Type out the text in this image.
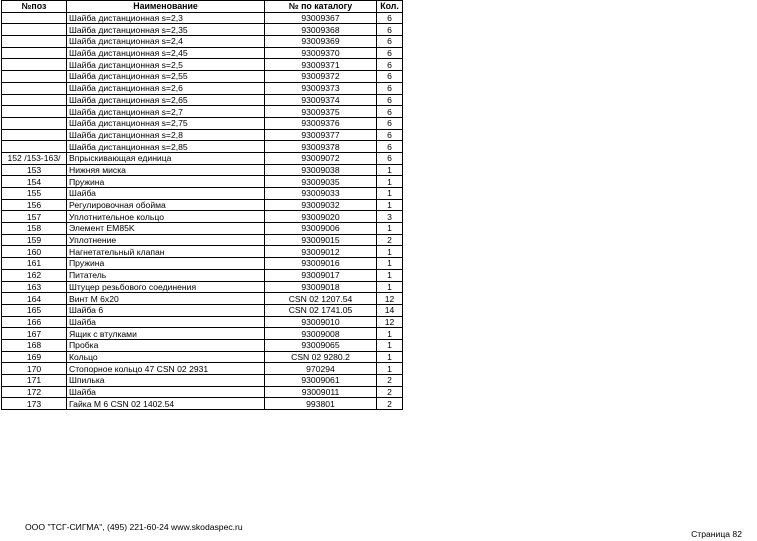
№поз	Наименование	№ по каталогу	Кол.
	Шайба дистанционная s=2,3	93009367	6
	Шайба дистанционная s=2,35	93009368	6
	Шайба дистанционная s=2,4	93009369	6
	Шайба дистанционная s=2,45	93009370	6
	Шайба дистанционная s=2,5	93009371	6
	Шайба дистанционная s=2,55	93009372	6
	Шайба дистанционная s=2,6	93009373	6
	Шайба дистанционная s=2,65	93009374	6
	Шайба дистанционная s=2,7	93009375	6
	Шайба дистанционная s=2,75	93009376	6
	Шайба дистанционная s=2,8	93009377	6
	Шайба дистанционная s=2,85	93009378	6
152 /153-163/	Впрыскивающая единица	93009072	6
153	Нижняя миска	93009038	1
154	Пружина	93009035	1
155	Шайба	93009033	1
156	Регулировочная обойма	93009032	1
157	Уплотнительное кольцо	93009020	3
158	Элемент EM85K	93009006	1
159	Уплотнение	93009015	2
160	Нагнетательный клапан	93009012	1
161	Пружина	93009016	1
162	Питатель	93009017	1
163	Штуцер резьбового соединения	93009018	1
164	Винт М 6х20	CSN 02 1207.54	12
165	Шайба 6	CSN 02 1741.05	14
166	Шайба	93009010	12
167	Ящик с втулками	93009008	1
168	Пробка	93009065	1
169	Кольцо	CSN 02 9280.2	1
170	Стопорное кольцо 47 CSN 02 2931	970294	1
171	Шпилька	93009061	2
172	Шайба	93009011	2
173	Гайка М 6 CSN 02 1402.54	993801	2
ООО "ТСГ-СИГМА", (495) 221-60-24 www.skodaspec.ru
Страница 82
